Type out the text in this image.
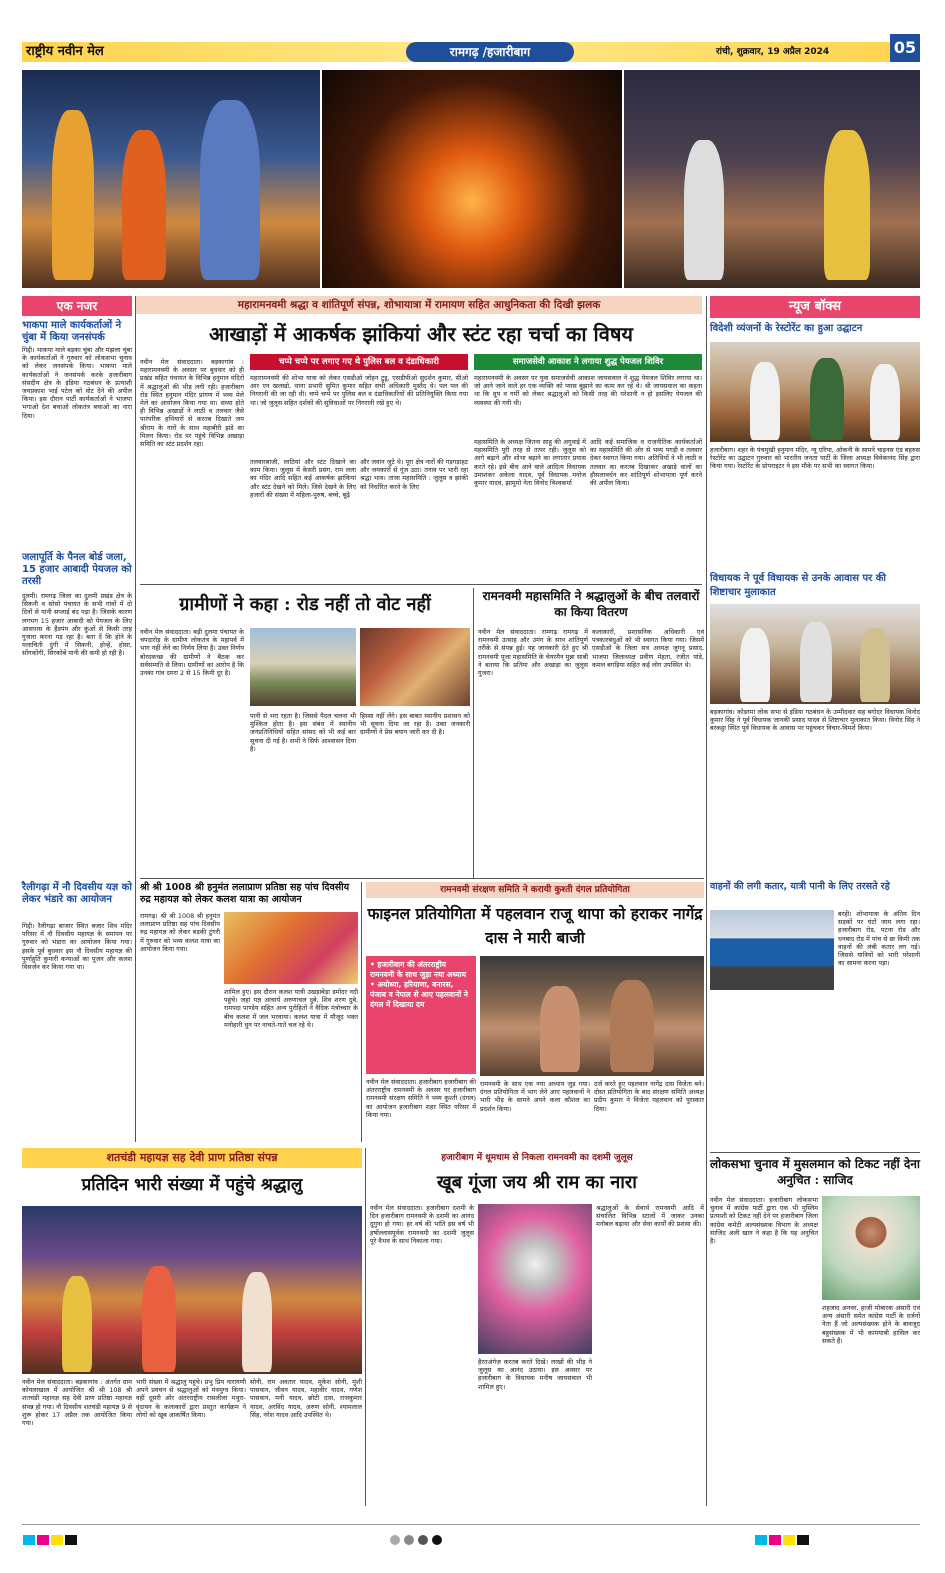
राष्ट्रीय नवीन मेल	रामगढ़ /हजारीबाग	रांची, शुक्रवार, 19 अप्रैल 2024	05
महारामनवमी श्रद्धा व शांतिपूर्ण संपन्न, शोभायात्रा में रामायण सहित आधुनिकता की दिखी झलक
एक नजर
भाकपा माले कार्यकर्ताओं ने चुंबा में किया जनसंपर्क
गिद्दी। भाकपा माले बड़का चुंबा और मंझला चुंबा के कार्यकर्ताओं ने गुरुवार को लोकसभा चुनाव को लेकर जनसंपर्क किया। भाकपा माले कार्यकर्ताओं ने जनसंपर्क करके हजारीबाग संसदीय क्षेत्र के इंडिया गठबंधन के प्रत्याशी जयप्रकाश भाई पटेल को वोट देने की अपील किया। इस दौरान पार्टी कार्यकर्ताओं ने भाजपा भगाओ देश बचाओ लोकतंत्र बचाओ का नारा दिया।
जलापूर्ति के पैनल बोर्ड जला, 15 हजार आबादी पेयजल को तरसी
दुलमी। रामगढ़ जिला का दुलमी प्रखंड क्षेत्र के सिकनी व सोसो पंचायत के सभी गांवों में दो दिनों से पानी सप्लाई बंद पड़ा है। जिसके कारण लगभग 15 हजार आबादी को पेयजल के लिए आसपास के हैंडपंप और कुंओं से किसी तरह गुजारा करना पड़ रहा है। बता दें कि होने के मलाचिती दुंगी में सिकनी, होन्हें, होसा, सोंगकोंगी, सिरकोबें पानी की कमी हो रही है।
रैलीगढ़ा में नौ दिवसीय यज्ञ को लेकर भंडारे का आयोजन
गिद्दी। रैलीगढ़ा बाजार स्थित बजार शिव मंदिर परिसर में नौ दिवसीय महायज्ञ के समापन पर गुरुवार को भंडारा का आयोजन किया गया। इसके पूर्व बुधवार इस नौ दिवसीय महायज्ञ की पूर्णाहुति कुमारी कन्याओं का पूजन और कलश विसर्जन कर किया गया था।
आखाड़ों में आकर्षक झांकियां और स्टंट रहा चर्चा का विषय
चप्पे चप्पे पर लगाए गए थे पुलिस बल व दंडाधिकारी	समाजसेवी आकाश ने लगाया शुद्ध पेयजल शिविर
नवीन मेल संवाददाता। बड़कागांव : महारामनवमी के अवसर पर बुधवार को ही प्रखंड सहित पंचायत के विभिन्न हनुमान मंदिरों में श्रद्धालुओं की भीड़ लगी रही। हजारीबाग रोड स्थित हनुमान मंदिर प्रांगण में भव्य मेले मेले का आयोजन किया गया था। संध्या होते ही विभिन्न अखाड़ों ने लाठी व तलवार जैसे पारंपरिक हथियारों से करतब दिखाते जय श्रीराम के नारों के साथ महाबीरी झंडे का मिलन किया। रोड पर पहुंचे विभिन्न अखाड़ा समिति का स्टंट प्रदर्शन रहा।
महारामनवमी की शोभा यात्रा को लेकर एसडीओ जोहन टुडू, एसडीपीओ सुदर्शन कुमार, सीओ आर एन खलखो, थाना प्रभारी सुमित कुमार सहित सभी अधिकारी मुस्तैद थे। पल पल की निगरानी की जा रही थी। चप्पे चप्पे पर पुलिस बल व दंडाधिकारियों की प्रतिनियुक्ति किया गया था। जो जुलूस सहित दर्शकों की सुविधाओं पर निगरानी रखे हुए थे।
तलवारबाजी, लाठियां और स्टंट दिखाने का काम किया। जुलूस में केसरी प्रसंग, राम लला का मंदिर आदि सहित कई आकर्षक झांकियां और स्टंट देखने को मिले। जिसे देखने के लिए हजारों की संख्या में महिला-पुरुष, बच्चे, बूढ़े
और जवान जुटे थे। पूरा क्षेत्र नारों की गड़गड़ाहट और जयकारों से गूंज उठा। तनाव पर भारी रहा श्रद्धा भाव। ताजा महासमिति : जुलूस व झांकी को निर्धारित करने के लिए
महारामनवमी के अवसर पर युवा समाजसेवी आकाश जायसवाल ने शुद्ध पेयजल शिविर लगाया था। जो आने जाने वाले हर एक व्यक्ति को प्यास बुझाने का काम कर रहे थे। श्री जायसवाल का कहना था कि धूप व गर्मी को लेकर श्रद्धालुओं को किसी तरह की परेशानी न हो इसलिए पेयजल की व्यवस्था की गयी थी।
महासमिति के अध्यक्ष जितना साहू की अगुवाई में महासमिति पूरी तरह से तत्पर रही। जुलूस को आगे बढ़ाने और शोभा बढ़ाने का लगातार प्रयास करते रहे। इसे बीच आने वाले आदित्य विधायक उमाशंकर अकेला यादव, पूर्व विधायक मनोज कुमार यादव, झामुमो नेता विनोद विश्वकर्मा
आदि कई समाजिक व राजनीतिक कार्यकर्ताओं का महासमिति की ओर से भव्य पगड़ी व तलवार देकर स्वागत किया गया। अतिथियों ने भी लाठी व तलवार का करतब दिखाकर अखाड़े वालों का हौसलावर्धन कर शांतिपूर्ण शोभायात्रा पूर्ण करने की अपील किया।
ग्रामीणों ने कहा : रोड नहीं तो वोट नहीं
नवीन मेल संवाददाता। बड़ी दुलमा पंचायत के चपदारोड़ के ग्रामीण लोकतंत्र के महापर्व में भाग नहीं लेने का निर्णय लिया है। उक्त निर्णय बोरदकच्छ की ग्रामीणों ने बैठक कर सर्वसम्मति से लिया। ग्रामीणों का आरोप है कि उनका गांव दमरा 2 से 15 किमी दूर है।
पानी से भरा रहता है। जिससे पैदल चलना भी मुश्किल होता है। इस संबंध में स्थानीय जनप्रतिनिधियों सहित सांसद को भी कई बार सूचना दी गई है। सभी ने सिर्फ आश्वासन दिया है।
हिस्सा नहीं लेंगे। इस बाबत स्थानीय प्रशासन को भी सूचना दिया जा रहा है। उक्त जनकारी ग्रामीणों ने प्रेस बयान जारी कर दी है।
रामनवमी महासमिति ने श्रद्धालुओं के बीच तलवारों का किया वितरण
नवीन मेल संवाददाता। रामगढ़ रामगढ़ में रामनवमी उत्साह और उमंग के साथ शांतिपूर्ण तरीके से संपन्न हुई। यह जानकारी देते हुए श्री रामनवमी पूजा महासमिति के चेयरमैन मुन्ना साबी ने बताया कि प्रतिमा और अखाड़ा का जुलूस गुजरा।
कलाकारों, प्रशासनिक अधिकारी एवं पत्रकारबंधुओं को भी स्वागत किया गया। जिसमें एसडीओ के जिला सत्र अध्यक्ष जुगनू प्रसाद, भाजपा जिलाध्यक्ष प्रवीण मेहता, रंजीत पांडे, कमल बगड़िया सहित कई लोग उपस्थित थे।
श्री श्री 1008 श्री हनुमंत ललाप्राण प्रतिष्ठा सह पांच दिवसीय रुद्र महायज्ञ को लेकर कलश यात्रा का आयोजन
रामगढ़। श्री श्री 1008 श्री हनुमंत ललाप्राण प्रतिष्ठा सह पांच दिवसीय रुद्र महायज्ञ को लेकर बड़की टुंगरी में गुरुवार को भव्य कलश यात्रा का आयोजन किया गया।
शामिल हुए। इस दौरान कलश यात्री उखड़ाबेड़ा डमोदर नदी पहुंचे। जहां यज्ञ आचार्य अरुणाचल दुबे, शिव शरण दुबे, रामपदा पाण्डेय सहित अन्य पुरोहितों ने वैदिक मंत्रोच्चार के बीच कलश में जल भरवाया। कलश यात्रा में मौजूद भक्त मनोहारी धुन पर नाचते-गाते चल रहे थे।
रामनवमी संरक्षण समिति ने करायी कुश्ती दंगल प्रतियोगिता
फाइनल प्रतियोगिता में पहलवान राजू थापा को हराकर नागेंद्र दास ने मारी बाजी
• हजारीबाग की अंतरराष्ट्रीय रामनवमी के साथ जुड़ा नया अध्याय
• अयोध्या, हरियाणा, बनारस, पंजाब व नेपाल से आए पहलवानों ने दंगल में दिखाया दम
नवीन मेल संवाददाता। हजारीबाग हजारीबाग की अंतरराष्ट्रीय रामनवमी के अवसर पर हजारीबाग रामनवमी संरक्षण समिति ने भव्य कुश्ती (दंगल) का आयोजन हजारीबाग शहर स्थित परिसर में किया गया।
रामनवमी के साथ एक नया अध्याय जुड़ गया। दंगल प्रतियोगिता में भाग लेने आए पहलवानों ने भारी भीड़ के सामने अपने कला कौशल का प्रदर्शन किया।
दर्ज करते हुए पहलवान नागेंद्र दास विजेता बने। दोस्त प्रतियोगिता के बाद संरक्षण समिति अध्यक्ष प्रदीप कुमार ने विजेता पहलवान को पुरस्कार दिया।
शतचंडी महायज्ञ सह देवी प्राण प्रतिष्ठा संपन्न
प्रतिदिन भारी संख्या में पहुंचे श्रद्धालु
नवीन मेल संवाददाता। बड़कागांव : अंतर्गत ग्राम कोयलाखाल में आयोजित श्री श्री 108 श्री शतचंडी महायज्ञ सह देवी प्राण प्रतिष्ठा महायज्ञ संपन्न हो गया। नौ दिवसीय शतचंडी महायज्ञ 9 से शुरू होकर 17 अप्रैल तक आयोजित किया गया।
भारी संख्या में श्रद्धालु पहुंचे। प्रभु प्रिय नारायणी अपने प्रवचन से श्रद्धालुओं को मंत्रमुग्ध किया। वहीं दूसरी ओर अंतरराष्ट्रीय रासलीला मथुरा-वृंदावन के कलाकारों द्वारा प्रस्तुत कार्यक्रम ने लोगों को खूब आकर्षित किया।
सोनी, राम अवतार यादव, मुकेश सोनी, मुंशी पासवान, जीवन यादव, महावीर यादव, गणेश पासवान, मनी यादव, छोटी दास, राजकुमार यादव, अरविंद यादव, अरुण सोनी, श्यामलाल सिंह, नरेश यादव आदि उपस्थित थे।
हजारीबाग में धूमधाम से निकला रामनवमी का दशमी जुलूस
खूब गूंजा जय श्री राम का नारा
नवीन मेल संवाददाता। हजारीबाग दशमी के दिन हजारीबाग रामनवमी के दशमी का आनंद दुगुना हो गया। हर वर्ष की भांति इस वर्ष भी हर्षोल्लासपूर्वक रामनवमी का दशमी जुलूस पूरे वैभव के साथ निकाला गया।
हैरतअंगेज़ करतब करते दिखे। लाखों की भीड़ ने जुलूस का आनंद उठाया। इस अवसर पर हजारीबाग के विधायक मनीष जायसवाल भी शामिल हुए।
श्रद्धालुओं के सेवार्थ रामनवमी आदि में संचालित विभिन्न स्टालों में जाकर उनका मनोबल बढ़ाया और सेवा कार्यों की प्रशंसा की।
न्यूज बॉक्स
विदेशी व्यंजनों के रेस्टोरेंट का हुआ उद्घाटन
हजारीबाग। शहर के पंचमुखी हनुमान मंदिर, न्यू एरिया, ओकनी के सामने चाइनस एंड बहरुस रेस्टोरेंट का उद्घाटन गुरुवार को भारतीय जनता पार्टी के जिला अध्यक्ष विवेकानंद सिंह द्वारा किया गया। रेस्टोरेंट के प्रोपराइटर ने इस मौके पर सभी का स्वागत किया।
विधायक ने पूर्व विधायक से उनके आवास पर की शिष्टाचार मुलाकात
बड़कागांव। कोडरमा लोक सभा से इंडिया गठबंधन के उम्मीदवार सह बगोदर विधायक विनोद कुमार सिंह ने पूर्व विधायक जानकी प्रसाद यादव से शिष्टाचार मुलाकात किया। विनोद सिंह ने बरकट्ठा स्थित पूर्व विधायक के आवास पर पहुंचकर विचार-विमर्श किया।
वाहनों की लगी कतार, यात्री पानी के लिए तरसते रहे
बरही। शोभायात्रा के अंतिम दिन सड़कों पर घंटों जाम लगा रहा। हजारीबाग रोड, पटना रोड और धनबाद रोड में पांच से छः किमी तक वाहनों की लंबी कतार लग गई। जिससे यात्रियों को भारी परेशानी का सामना करना पड़ा।
लोकसभा चुनाव में मुसलमान को टिकट नहीं देना अनुचित : साजिद
नवीन मेल संवाददाता। हजारीबाग लोकसभा चुनाव में कांग्रेस पार्टी द्वारा एक भी मुस्लिम प्रत्याशी को टिकट नहीं देने पर हजारीबाग जिला कांग्रेस कमेटी अल्पसंख्यक विभाग के अध्यक्ष साजिद अली खान ने कहा है कि यह अनुचित है।
शहजाद अनवर, हाजी मोबारक अंसारी एवं अन्य अंसारी समेत कांग्रेस पार्टी के दर्जनों नेता हैं जो अल्पसंख्यक होने के बावजूद बहुसंख्यक में भी कामयाबी हासिल कर सकते हैं।
